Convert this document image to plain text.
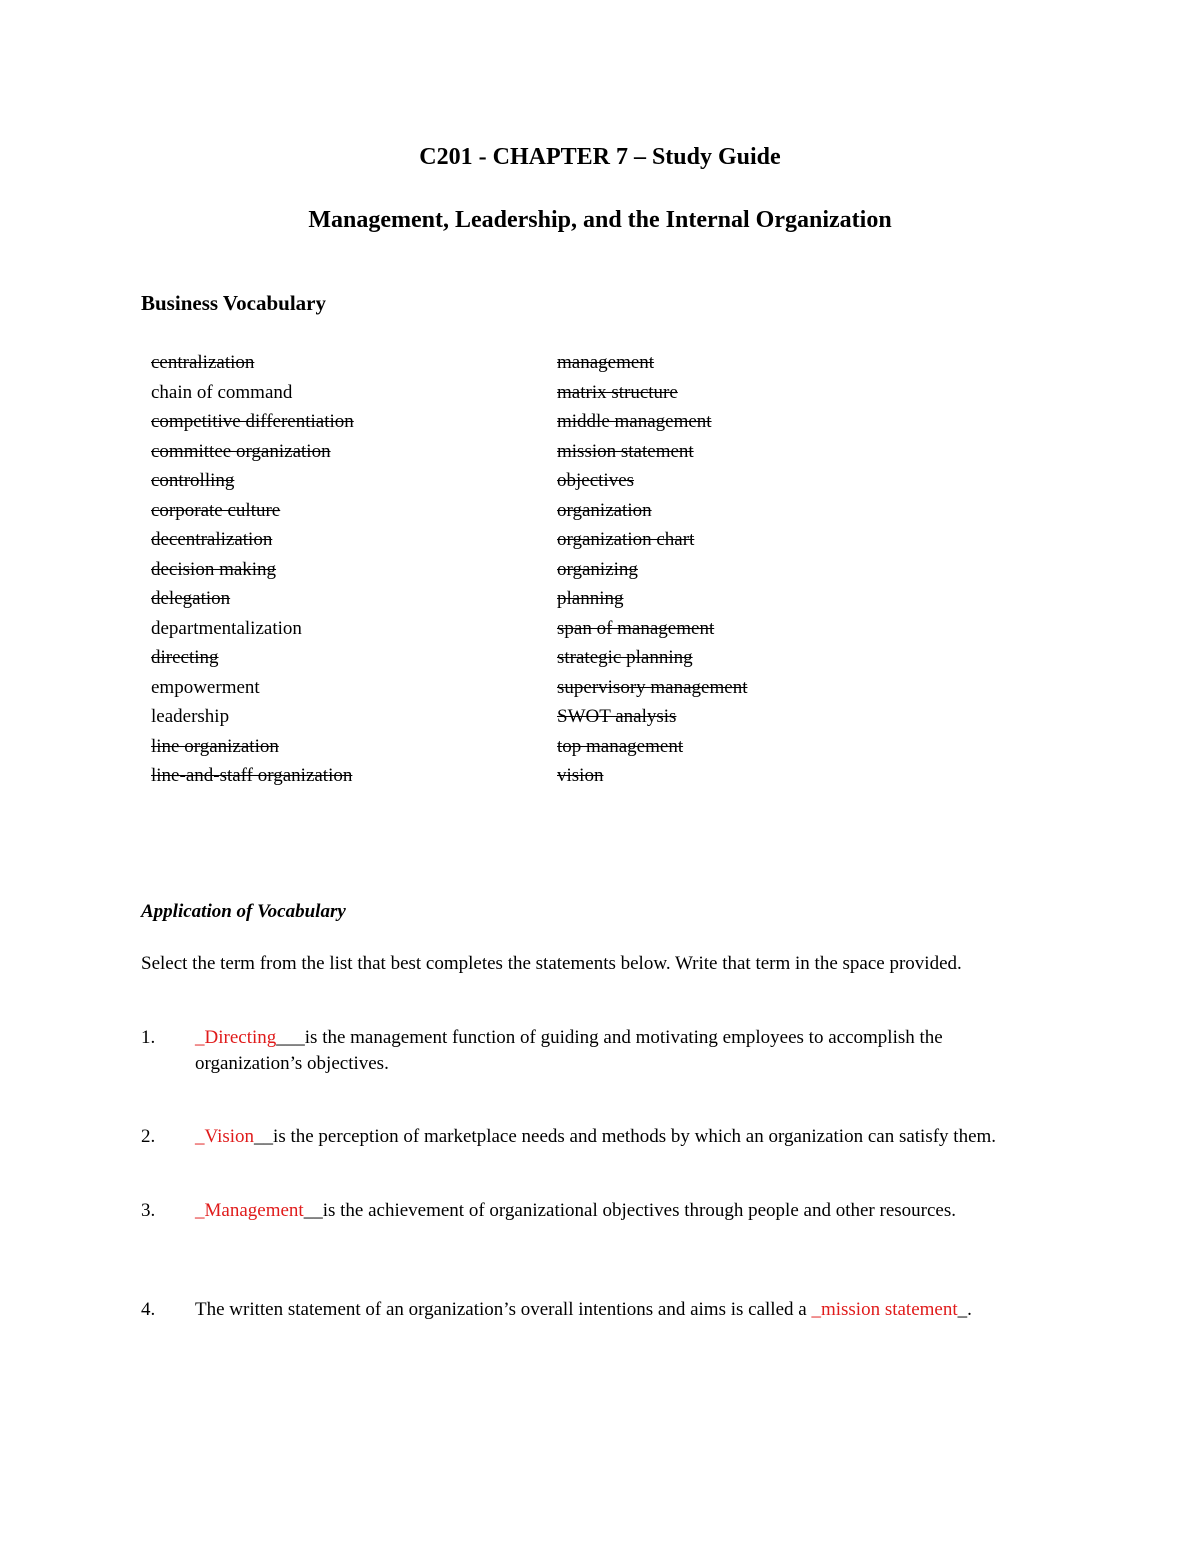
C201 - CHAPTER 7 – Study Guide
Management, Leadership, and the Internal Organization
Business Vocabulary
centralization
chain of command
competitive differentiation
committee organization
controlling
corporate culture
decentralization
decision making
delegation
departmentalization
directing
empowerment
leadership
line organization
line-and-staff organization
management
matrix structure
middle management
mission statement
objectives
organization
organization chart
organizing
planning
span of management
strategic planning
supervisory management
SWOT analysis
top management
vision
Application of Vocabulary

Select the term from the list that best completes the statements below. Write that term in the space provided.

1. _Directing___is the management function of guiding and motivating employees to accomplish the organization’s objectives.
2. _Vision__is the perception of marketplace needs and methods by which an organization can satisfy them.
3. _Management__is the achievement of organizational objectives through people and other resources.
4. The written statement of an organization’s overall intentions and aims is called a _mission statement_.
